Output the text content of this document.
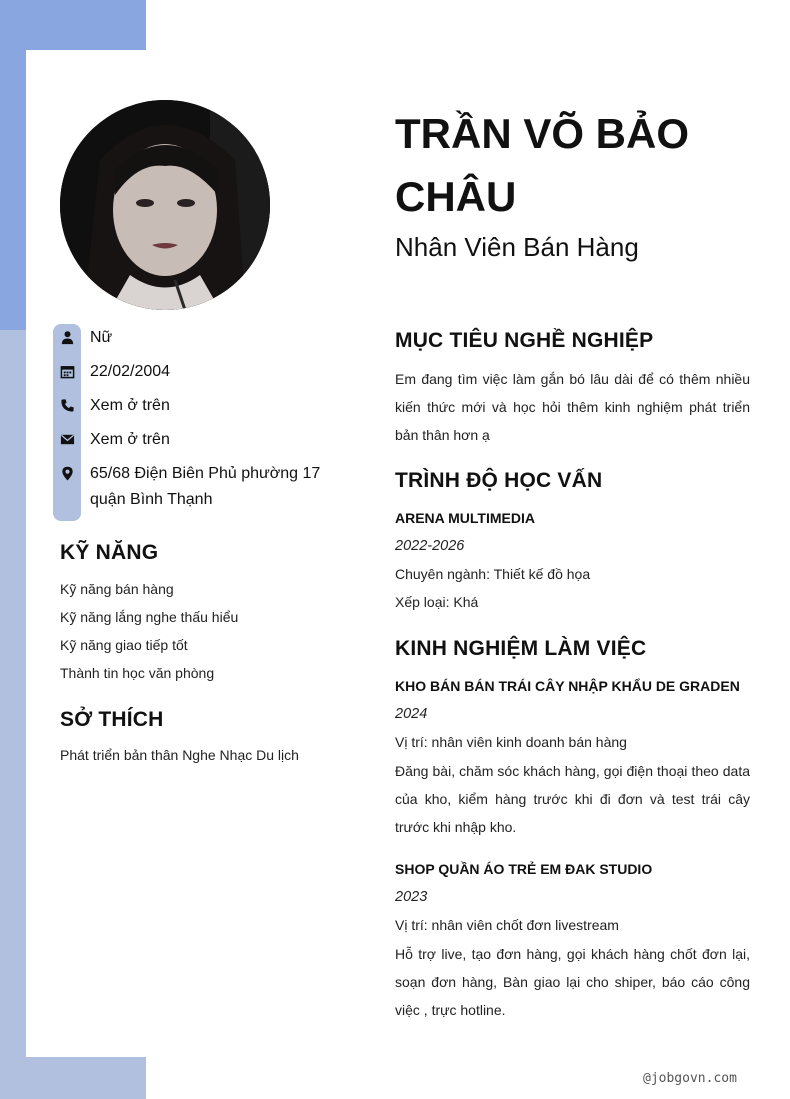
Nữ
22/02/2004
Xem ở trên
Xem ở trên
65/68 Điện Biên Phủ phường 17 quận Bình Thạnh
KỸ NĂNG
Kỹ năng bán hàng
Kỹ năng lắng nghe thấu hiểu
Kỹ năng giao tiếp tốt
Thành tin học văn phòng
SỞ THÍCH
Phát triển bản thân Nghe Nhạc Du lịch
TRẦN VÕ BẢO CHÂU
Nhân Viên Bán Hàng
MỤC TIÊU NGHỀ NGHIỆP
Em đang tìm việc làm gắn bó lâu dài để có thêm nhiều kiến thức mới và học hỏi thêm kinh nghiệm phát triển bản thân hơn ạ
TRÌNH ĐỘ HỌC VẤN
ARENA MULTIMEDIA
2022-2026
Chuyên ngành: Thiết kế đồ họa
Xếp loại: Khá
KINH NGHIỆM LÀM VIỆC
KHO BÁN BÁN TRÁI CÂY NHẬP KHẨU DE GRADEN
2024
Vị trí: nhân viên kinh doanh bán hàng
Đăng bài, chăm sóc khách hàng, gọi điện thoại theo data của kho, kiểm hàng trước khi đi đơn và test trái cây trước khi nhập kho.
SHOP QUẦN ÁO TRẺ EM ĐAK STUDIO
2023
Vị trí: nhân viên chốt đơn livestream
Hỗ trợ live, tạo đơn hàng, gọi khách hàng chốt đơn lại, soạn đơn hàng, Bàn giao lại cho shiper, báo cáo công việc , trực hotline.
@jobgovn.com
